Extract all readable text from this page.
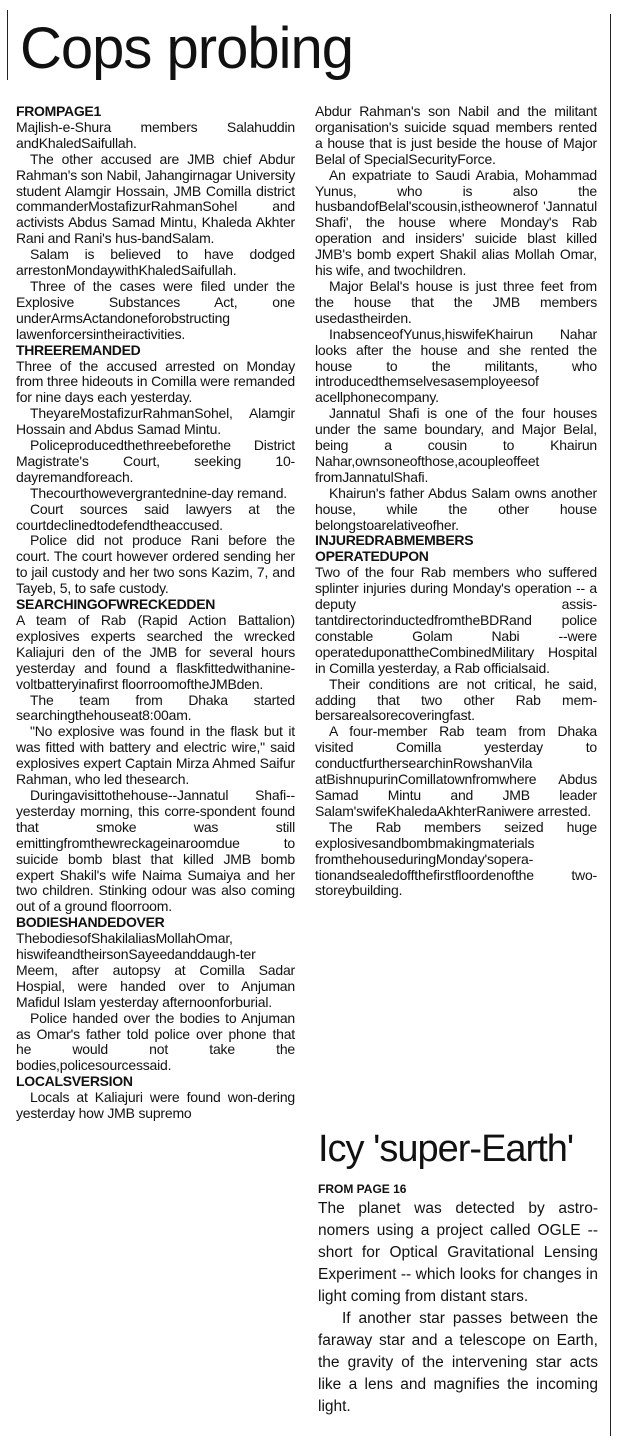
Cops probing
FROMPAGE1

Majlish-e-Shura members Salahuddin andKhaledSaifullah.

The other accused are JMB chief Abdur Rahman's son Nabil, Jahangirnagar University student Alamgir Hossain, JMB Comilla district commanderMostafizurRahmanSohel and activists Abdus Samad Mintu, Khaleda Akhter Rani and Rani's hus-bandSalam.

Salam is believed to have dodged arrestonMondaywithKhaledSaifullah.

Three of the cases were filed under the Explosive Substances Act, one underArmsActandoneforobstructing lawenforcersintheiractivities.

THREEREMANDED

Three of the accused arrested on Monday from three hideouts in Comilla were remanded for nine days each yesterday.

TheyareMostafizurRahmanSohel, Alamgir Hossain and Abdus Samad Mintu.

Policeproducedthethreebeforethe District Magistrate's Court, seeking 10-dayremandforeach.

Thecourthowevergrantednine-day remand.

Court sources said lawyers at the courtdeclinedtodefendtheaccused.

Police did not produce Rani before the court. The court however ordered sending her to jail custody and her two sons Kazim, 7, and Tayeb, 5, to safe custody.

SEARCHINGOFWRECKEDDEN

A team of Rab (Rapid Action Battalion) explosives experts searched the wrecked Kaliajuri den of the JMB for several hours yesterday and found a flaskfittedwithanine-voltbatteryinafirst floorroomoftheJMBden.

The team from Dhaka started searchingthehouseat8:00am.

"No explosive was found in the flask but it was fitted with battery and electric wire," said explosives expert Captain Mirza Ahmed Saifur Rahman, who led thesearch.

Duringavisittothehouse--Jannatul Shafi-- yesterday morning, this corre-spondent found that smoke was still emittingfromthewreckageinaroomdue to suicide bomb blast that killed JMB bomb expert Shakil's wife Naima Sumaiya and her two children. Stinking odour was also coming out of a ground floorroom.

BODIESHANDEDOVER

ThebodiesofShakilaliasMollahOmar, hiswifeandtheirsonSayeedanddaugh-ter Meem, after autopsy at Comilla Sadar Hospial, were handed over to Anjuman Mafidul Islam yesterday afternoonforburial.

Police handed over the bodies to Anjuman as Omar's father told police over phone that he would not take the bodies,policesourcessaid.

LOCALSVERSION

Locals at Kaliajuri were found won-dering yesterday how JMB supremo

Abdur Rahman's son Nabil and the militant organisation's suicide squad members rented a house that is just beside the house of Major Belal of SpecialSecurityForce.

An expatriate to Saudi Arabia, Mohammad Yunus, who is also the husbandofBelal'scousin,istheownerof 'Jannatul Shafi', the house where Monday's Rab operation and insiders' suicide blast killed JMB's bomb expert Shakil alias Mollah Omar, his wife, and twochildren.

Major Belal's house is just three feet from the house that the JMB members usedastheirden.

InabsenceofYunus,hiswifeKhairun Nahar looks after the house and she rented the house to the militants, who introducedthemselvesasemployeesof acellphonecompany.

Jannatul Shafi is one of the four houses under the same boundary, and Major Belal, being a cousin to Khairun Nahar,ownsoneofthose,acoupleoffeet fromJannatulShafi.

Khairun's father Abdus Salam owns another house, while the other house belongstoarelativeofher.

INJUREDRABMEMBERS
OPERATEDUPON

Two of the four Rab members who suffered splinter injuries during Monday's operation -- a deputy assis-tantdirectorinductedfromtheBDRand police constable Golam Nabi --were operateduponattheCombinedMilitary Hospital in Comilla yesterday, a Rab officialsaid.

Their conditions are not critical, he said, adding that two other Rab mem-bersarealsorecoveringfast.

A four-member Rab team from Dhaka visited Comilla yesterday to conductfurthersearchinRowshanVila atBishnupurinComillatownfromwhere Abdus Samad Mintu and JMB leader Salam'swifeKhaledaAkhterRaniwere arrested.

The Rab members seized huge explosivesandbombmakingmaterials fromthehouseduringMonday'sopera-tionandsealedoffthefirstfloordenofthe two-storeybuilding.

Icy 'super-Earth'
FROM PAGE 16

The planet was detected by astro-nomers using a project called OGLE -- short for Optical Gravitational Lensing Experiment -- which looks for changes in light coming from distant stars.

If another star passes between the faraway star and a telescope on Earth, the gravity of the intervening star acts like a lens and magnifies the incoming light.
